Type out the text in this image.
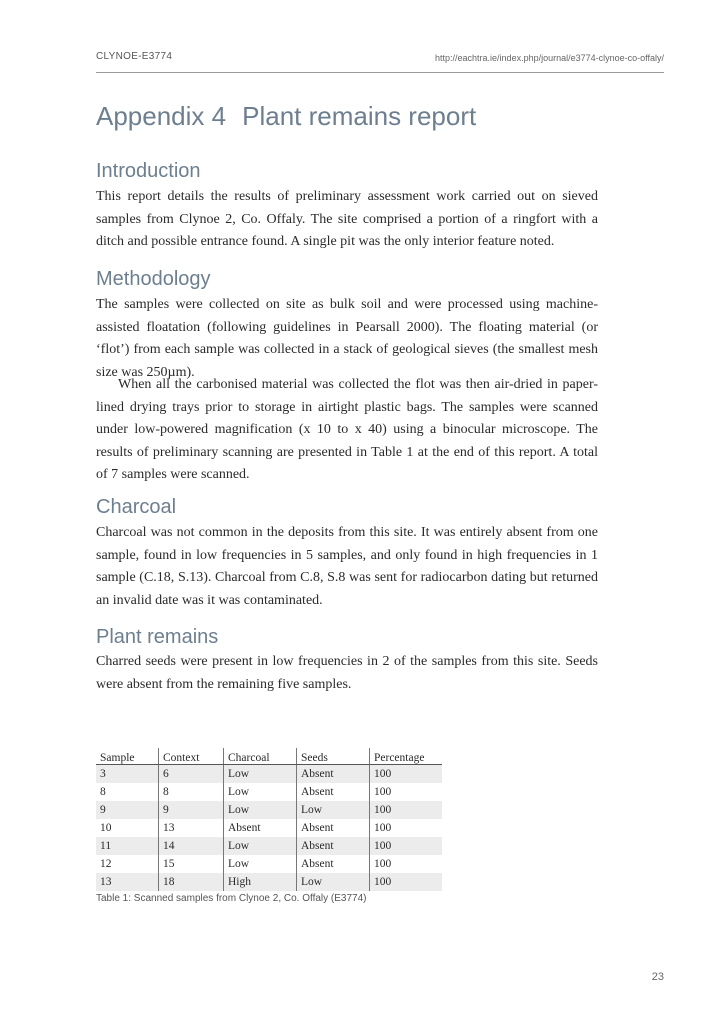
CLYNOE-E3774	http://eachtra.ie/index.php/journal/e3774-clynoe-co-offaly/
Appendix 4 Plant remains report
Introduction

This report details the results of preliminary assessment work carried out on sieved samples from Clynoe 2, Co. Offaly. The site comprised a portion of a ringfort with a ditch and possible entrance found. A single pit was the only interior feature noted.

Methodology

The samples were collected on site as bulk soil and were processed using machine-assisted floatation (following guidelines in Pearsall 2000). The floating material (or ‘flot’) from each sample was collected in a stack of geological sieves (the smallest mesh size was 250µm).

When all the carbonised material was collected the flot was then air-dried in paper-lined drying trays prior to storage in airtight plastic bags. The samples were scanned under low-powered magnification (x 10 to x 40) using a binocular microscope. The results of preliminary scanning are presented in Table 1 at the end of this report. A total of 7 samples were scanned.

Charcoal

Charcoal was not common in the deposits from this site. It was entirely absent from one sample, found in low frequencies in 5 samples, and only found in high frequencies in 1 sample (C.18, S.13). Charcoal from C.8, S.8 was sent for radiocarbon dating but returned an invalid date was it was contaminated.

Plant remains

Charred seeds were present in low frequencies in 2 of the samples from this site. Seeds were absent from the remaining five samples.

Sample	Context	Charcoal	Seeds	Percentage
3	6	Low	Absent	100
8	8	Low	Absent	100
9	9	Low	Low	100
10	13	Absent	Absent	100
11	14	Low	Absent	100
12	15	Low	Absent	100
13	18	High	Low	100

Table 1: Scanned samples from Clynoe 2, Co. Offaly (E3774)

23
